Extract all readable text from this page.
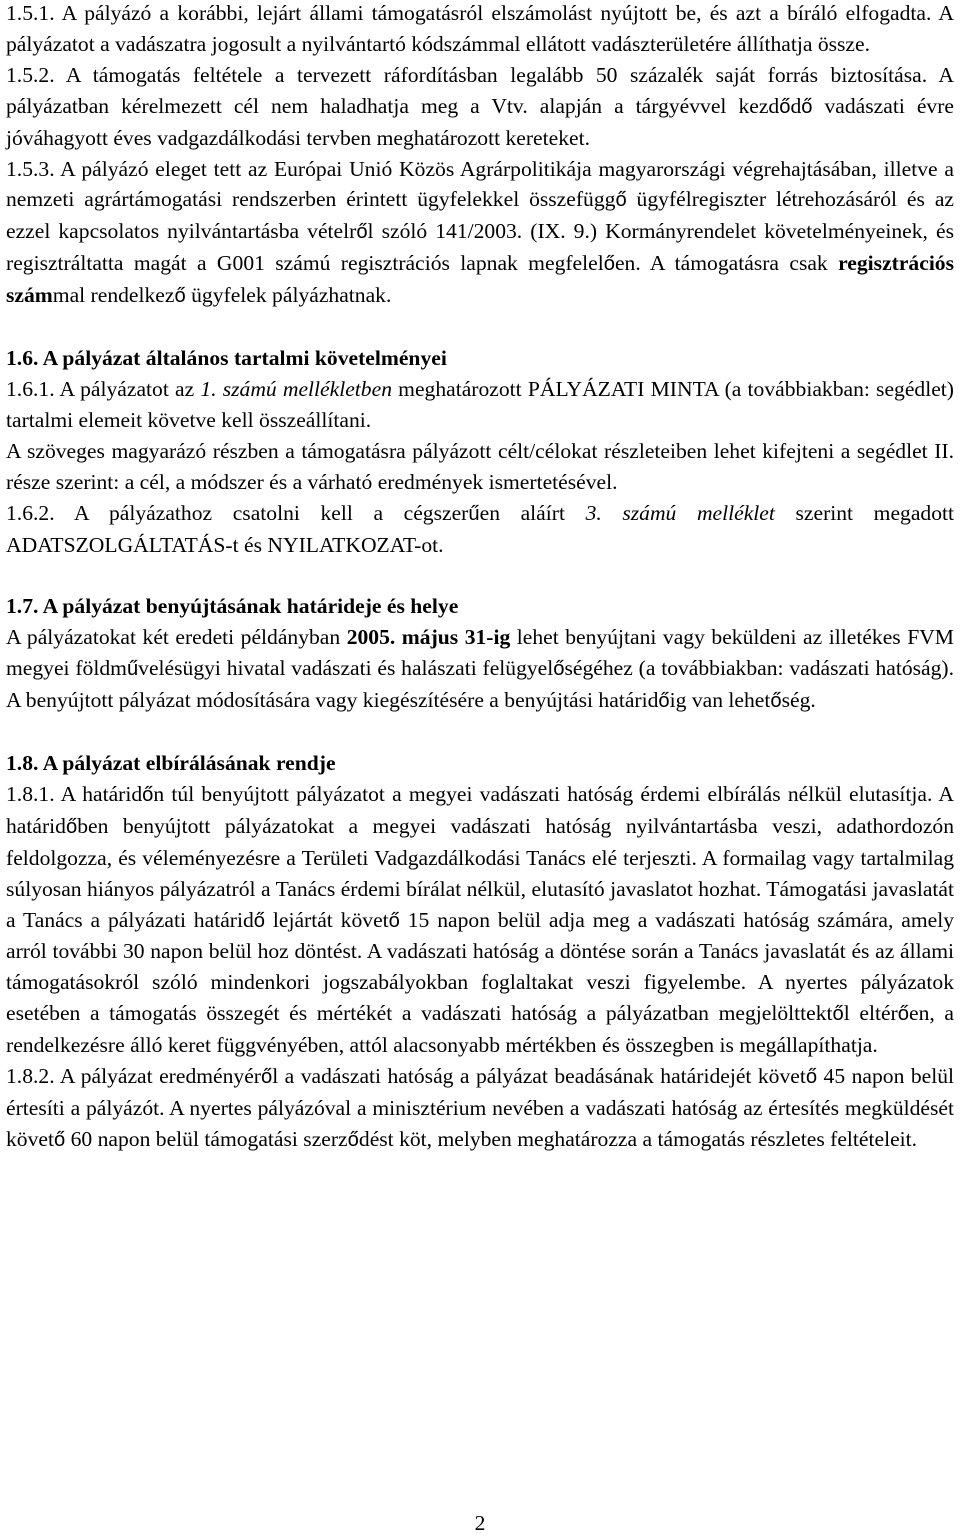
1.5.1. A pályázó a korábbi, lejárt állami támogatásról elszámolást nyújtott be, és azt a bíráló elfogadta. A pályázatot a vadászatra jogosult a nyilvántartó kódszámmal ellátott vadászterületére állíthatja össze.

1.5.2. A támogatás feltétele a tervezett ráfordításban legalább 50 százalék saját forrás biztosítása. A pályázatban kérelmezett cél nem haladhatja meg a Vtv. alapján a tárgyévvel kezdődő vadászati évre jóváhagyott éves vadgazdálkodási tervben meghatározott kereteket.

1.5.3. A pályázó eleget tett az Európai Unió Közös Agrárpolitikája magyarországi végrehajtásában, illetve a nemzeti agrártámogatási rendszerben érintett ügyfelekkel összefüggő ügyfélregiszter létrehozásáról és az ezzel kapcsolatos nyilvántartásba vételről szóló 141/2003. (IX. 9.) Kormányrendelet követelményeinek, és regisztráltatta magát a G001 számú regisztrációs lapnak megfelelően. A támogatásra csak regisztrációs számmal rendelkező ügyfelek pályázhatnak.

1.6. A pályázat általános tartalmi követelményei

1.6.1. A pályázatot az 1. számú mellékletben meghatározott PÁLYÁZATI MINTA (a továbbiakban: segédlet) tartalmi elemeit követve kell összeállítani.

A szöveges magyarázó részben a támogatásra pályázott célt/célokat részleteiben lehet kifejteni a segédlet II. része szerint: a cél, a módszer és a várható eredmények ismertetésével.

1.6.2. A pályázathoz csatolni kell a cégszerűen aláírt 3. számú melléklet szerint megadott ADATSZOLGÁLTATÁS-t és NYILATKOZAT-ot.

1.7. A pályázat benyújtásának határideje és helye

A pályázatokat két eredeti példányban 2005. május 31-ig lehet benyújtani vagy beküldeni az illetékes FVM megyei földművelésügyi hivatal vadászati és halászati felügyelőségéhez (a továbbiakban: vadászati hatóság). A benyújtott pályázat módosítására vagy kiegészítésére a benyújtási határidőig van lehetőség.

1.8. A pályázat elbírálásának rendje

1.8.1. A határidőn túl benyújtott pályázatot a megyei vadászati hatóság érdemi elbírálás nélkül elutasítja. A határidőben benyújtott pályázatokat a megyei vadászati hatóság nyilvántartásba veszi, adathordozón feldolgozza, és véleményezésre a Területi Vadgazdálkodási Tanács elé terjeszti. A formailag vagy tartalmilag súlyosan hiányos pályázatról a Tanács érdemi bírálat nélkül, elutasító javaslatot hozhat. Támogatási javaslatát a Tanács a pályázati határidő lejártát követő 15 napon belül adja meg a vadászati hatóság számára, amely arról további 30 napon belül hoz döntést. A vadászati hatóság a döntése során a Tanács javaslatát és az állami támogatásokról szóló mindenkori jogszabályokban foglaltakat veszi figyelembe. A nyertes pályázatok esetében a támogatás összegét és mértékét a vadászati hatóság a pályázatban megjelölttektől eltérően, a rendelkezésre álló keret függvényében, attól alacsonyabb mértékben és összegben is megállapíthatja.

1.8.2. A pályázat eredményéről a vadászati hatóság a pályázat beadásának határidejét követő 45 napon belül értesíti a pályázót. A nyertes pályázóval a minisztérium nevében a vadászati hatóság az értesítés megküldését követő 60 napon belül támogatási szerződést köt, melyben meghatározza a támogatás részletes feltételeit.

2
